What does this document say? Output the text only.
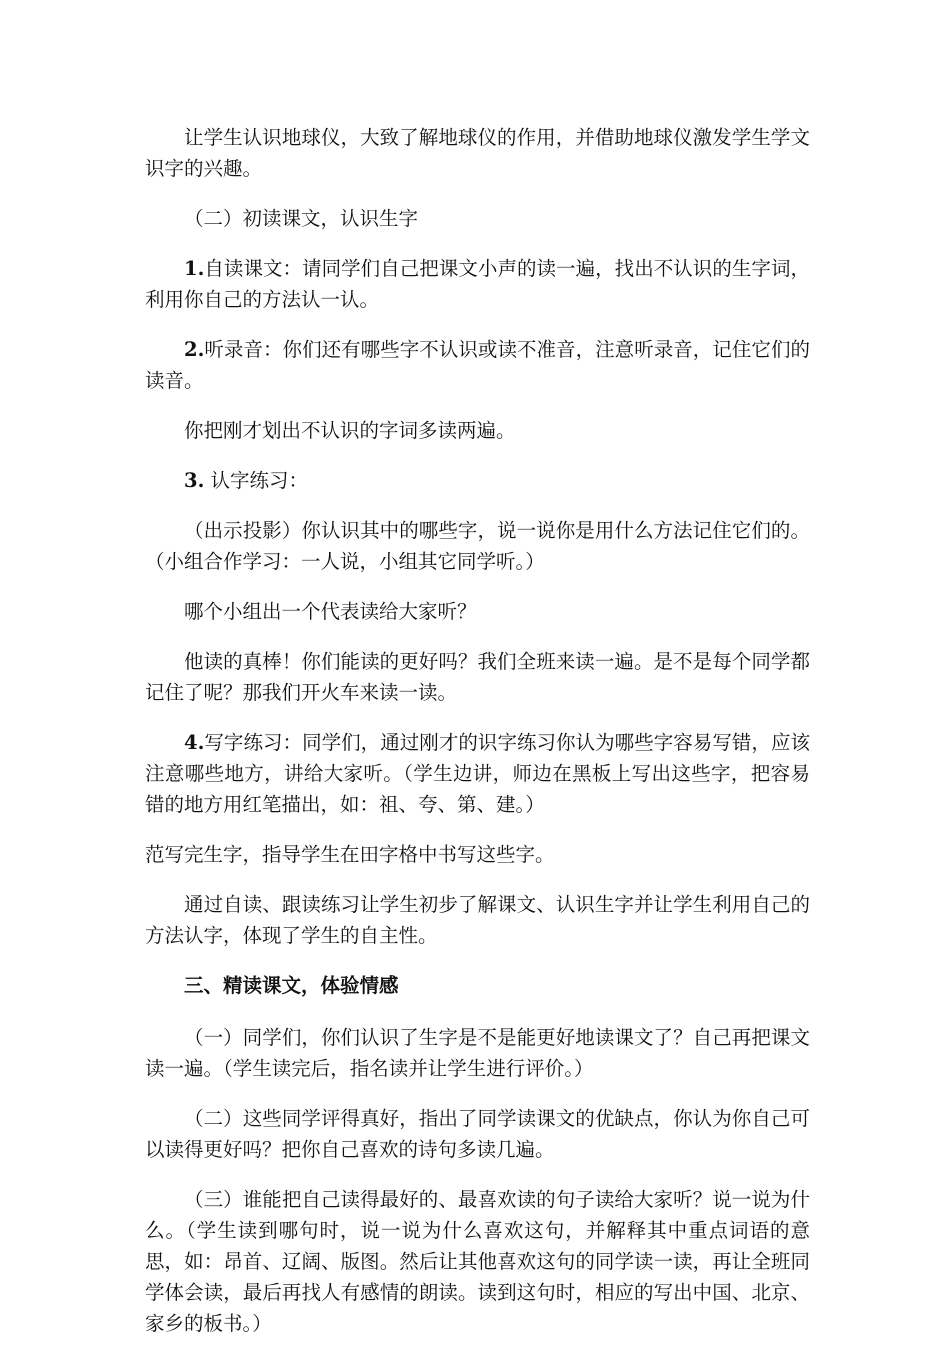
让学生认识地球仪，大致了解地球仪的作用，并借助地球仪激发学生学文识字的兴趣。

（二）初读课文，认识生字

1.自读课文：请同学们自己把课文小声的读一遍，找出不认识的生字词，利用你自己的方法认一认。

2.听录音：你们还有哪些字不认识或读不准音，注意听录音，记住它们的读音。

你把刚才划出不认识的字词多读两遍。

3. 认字练习：

（出示投影）你认识其中的哪些字，说一说你是用什么方法记住它们的。（小组合作学习：一人说，小组其它同学听。）

哪个小组出一个代表读给大家听？

他读的真棒！你们能读的更好吗？我们全班来读一遍。是不是每个同学都记住了呢？那我们开火车来读一读。

4.写字练习：同学们，通过刚才的识字练习你认为哪些字容易写错，应该注意哪些地方，讲给大家听。（学生边讲，师边在黑板上写出这些字，把容易错的地方用红笔描出，如：祖、夸、第、建。）

范写完生字，指导学生在田字格中书写这些字。

通过自读、跟读练习让学生初步了解课文、认识生字并让学生利用自己的方法认字，体现了学生的自主性。

三、精读课文，体验情感

（一）同学们，你们认识了生字是不是能更好地读课文了？自己再把课文读一遍。（学生读完后，指名读并让学生进行评价。）

（二）这些同学评得真好，指出了同学读课文的优缺点，你认为你自己可以读得更好吗？把你自己喜欢的诗句多读几遍。

（三）谁能把自己读得最好的、最喜欢读的句子读给大家听？说一说为什么。（学生读到哪句时，说一说为什么喜欢这句，并解释其中重点词语的意思，如：昂首、辽阔、版图。然后让其他喜欢这句的同学读一读，再让全班同学体会读，最后再找人有感情的朗读。读到这句时，相应的写出中国、北京、家乡的板书。）
